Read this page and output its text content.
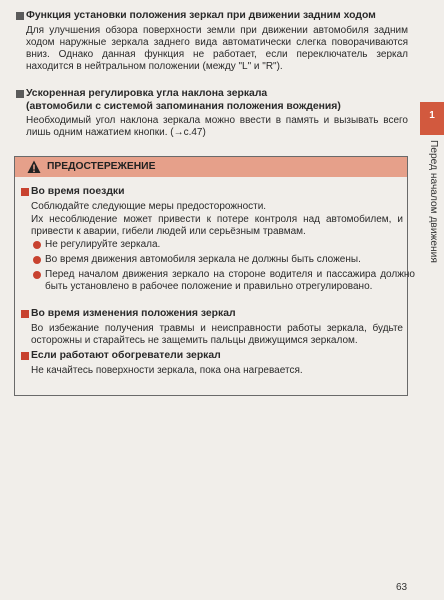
Функция установки положения зеркал при движении задним ходом
Для улучшения обзора поверхности земли при движении автомобиля задним ходом наружные зеркала заднего вида автоматически слегка поворачиваются вниз. Однако данная функция не работает, если переключатель зеркал находится в нейтральном положении (между "L" и "R").
Ускоренная регулировка угла наклона зеркала
(автомобили с системой запоминания положения вождения)
Необходимый угол наклона зеркала можно ввести в память и вызывать всего лишь одним нажатием кнопки. (→с.47)
1
Перед началом движения
ПРЕДОСТЕРЕЖЕНИЕ
Во время поездки
Соблюдайте следующие меры предосторожности.
Их несоблюдение может привести к потере контроля над автомобилем, и привести к аварии, гибели людей или серьёзным травмам.
Не регулируйте зеркала.
Во время движения автомобиля зеркала не должны быть сложены.
Перед началом движения зеркало на стороне водителя и пассажира должно быть установлено в рабочее положение и правильно отрегулировано.
Во время изменения положения зеркал
Во избежание получения травмы и неисправности работы зеркала, будьте осторожны и старайтесь не защемить пальцы движущимся зеркалом.
Если работают обогреватели зеркал
Не качайтесь поверхности зеркала, пока она нагревается.
63
